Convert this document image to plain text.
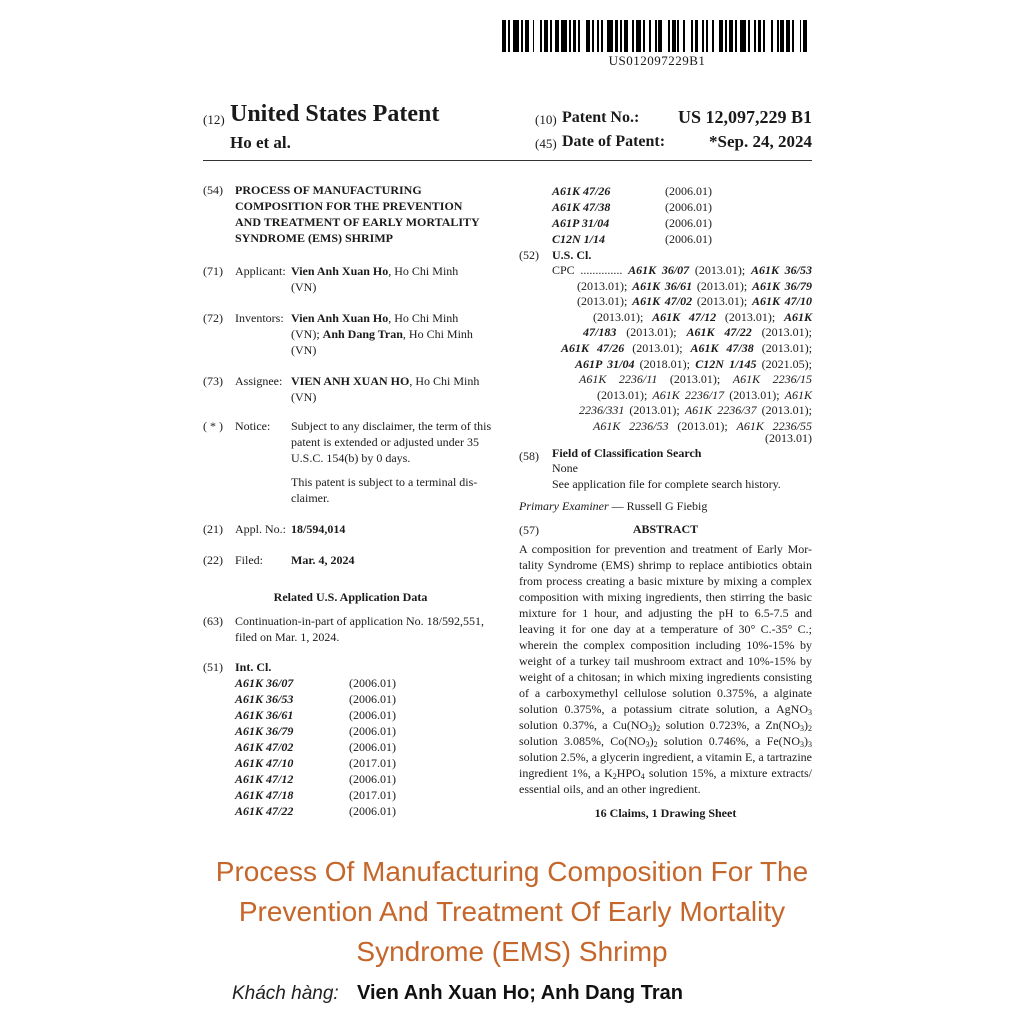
US012097229B1
(12) United States Patent
Ho et al.
(10) Patent No.: US 12,097,229 B1
(45) Date of Patent:	*Sep. 24, 2024
(54) PROCESS OF MANUFACTURING
COMPOSITION FOR THE PREVENTION
AND TREATMENT OF EARLY MORTALITY
SYNDROME (EMS) SHRIMP
(71) Applicant: Vien Anh Xuan Ho, Ho Chi Minh
(VN)
(72) Inventors: Vien Anh Xuan Ho, Ho Chi Minh
(VN); Anh Dang Tran, Ho Chi Minh
(VN)
(73) Assignee: VIEN ANH XUAN HO, Ho Chi Minh
(VN)
( * ) Notice: Subject to any disclaimer, the term of this
patent is extended or adjusted under 35
U.S.C. 154(b) by 0 days.
This patent is subject to a terminal dis-
claimer.
(21) Appl. No.: 18/594,014
(22) Filed: Mar. 4, 2024
Related U.S. Application Data
(63) Continuation-in-part of application No. 18/592,551,
filed on Mar. 1, 2024.
(51) Int. Cl.
A61K 36/07	(2006.01)
A61K 36/53	(2006.01)
A61K 36/61	(2006.01)
A61K 36/79	(2006.01)
A61K 47/02	(2006.01)
A61K 47/10	(2017.01)
A61K 47/12	(2006.01)
A61K 47/18	(2017.01)
A61K 47/22	(2006.01)
A61K 47/26	(2006.01)
A61K 47/38	(2006.01)
A61P 31/04	(2006.01)
C12N 1/14	(2006.01)
(52) U.S. Cl.
CPC .............. A61K 36/07 (2013.01); A61K 36/53
(2013.01); A61K 36/61 (2013.01); A61K 36/79
(2013.01); A61K 47/02 (2013.01); A61K 47/10
(2013.01); A61K 47/12 (2013.01); A61K
47/183 (2013.01); A61K 47/22 (2013.01);
A61K 47/26 (2013.01); A61K 47/38 (2013.01);
A61P 31/04 (2018.01); C12N 1/145 (2021.05);
A61K 2236/11 (2013.01); A61K 2236/15
(2013.01); A61K 2236/17 (2013.01); A61K
2236/331 (2013.01); A61K 2236/37 (2013.01);
A61K 2236/53 (2013.01); A61K 2236/55
(2013.01)
(58) Field of Classification Search
None
See application file for complete search history.
Primary Examiner — Russell G Fiebig
(57)	ABSTRACT
A composition for prevention and treatment of Early Mor-
tality Syndrome (EMS) shrimp to replace antibiotics obtain
from process creating a basic mixture by mixing a complex
composition with mixing ingredients, then stirring the basic
mixture for 1 hour, and adjusting the pH to 6.5-7.5 and
leaving it for one day at a temperature of 30° C.-35° C.;
wherein the complex composition including 10%-15% by
weight of a turkey tail mushroom extract and 10%-15% by
weight of a chitosan; in which mixing ingredients consisting
of a carboxymethyl cellulose solution 0.375%, a alginate
solution 0.375%, a potassium citrate solution, a AgNO$_3$
solution 0.37%, a $Cu(NO_3)_2$ solution 0.723%, a $Zn(NO_3)_2$
solution 3.085%, $Co(NO_3)_2$ solution 0.746%, a $Fe(NO_3)_3$
solution 2.5%, a glycerin ingredient, a vitamin E, a tartrazine
ingredient 1%, a $K_2HPO_4$ solution 15%, a mixture extracts/
essential oils, and an other ingredient.
16 Claims, 1 Drawing Sheet
Process Of Manufacturing Composition For The
Prevention And Treatment Of Early Mortality
Syndrome (EMS) Shrimp
Khách hàng: Vien Anh Xuan Ho; Anh Dang Tran
